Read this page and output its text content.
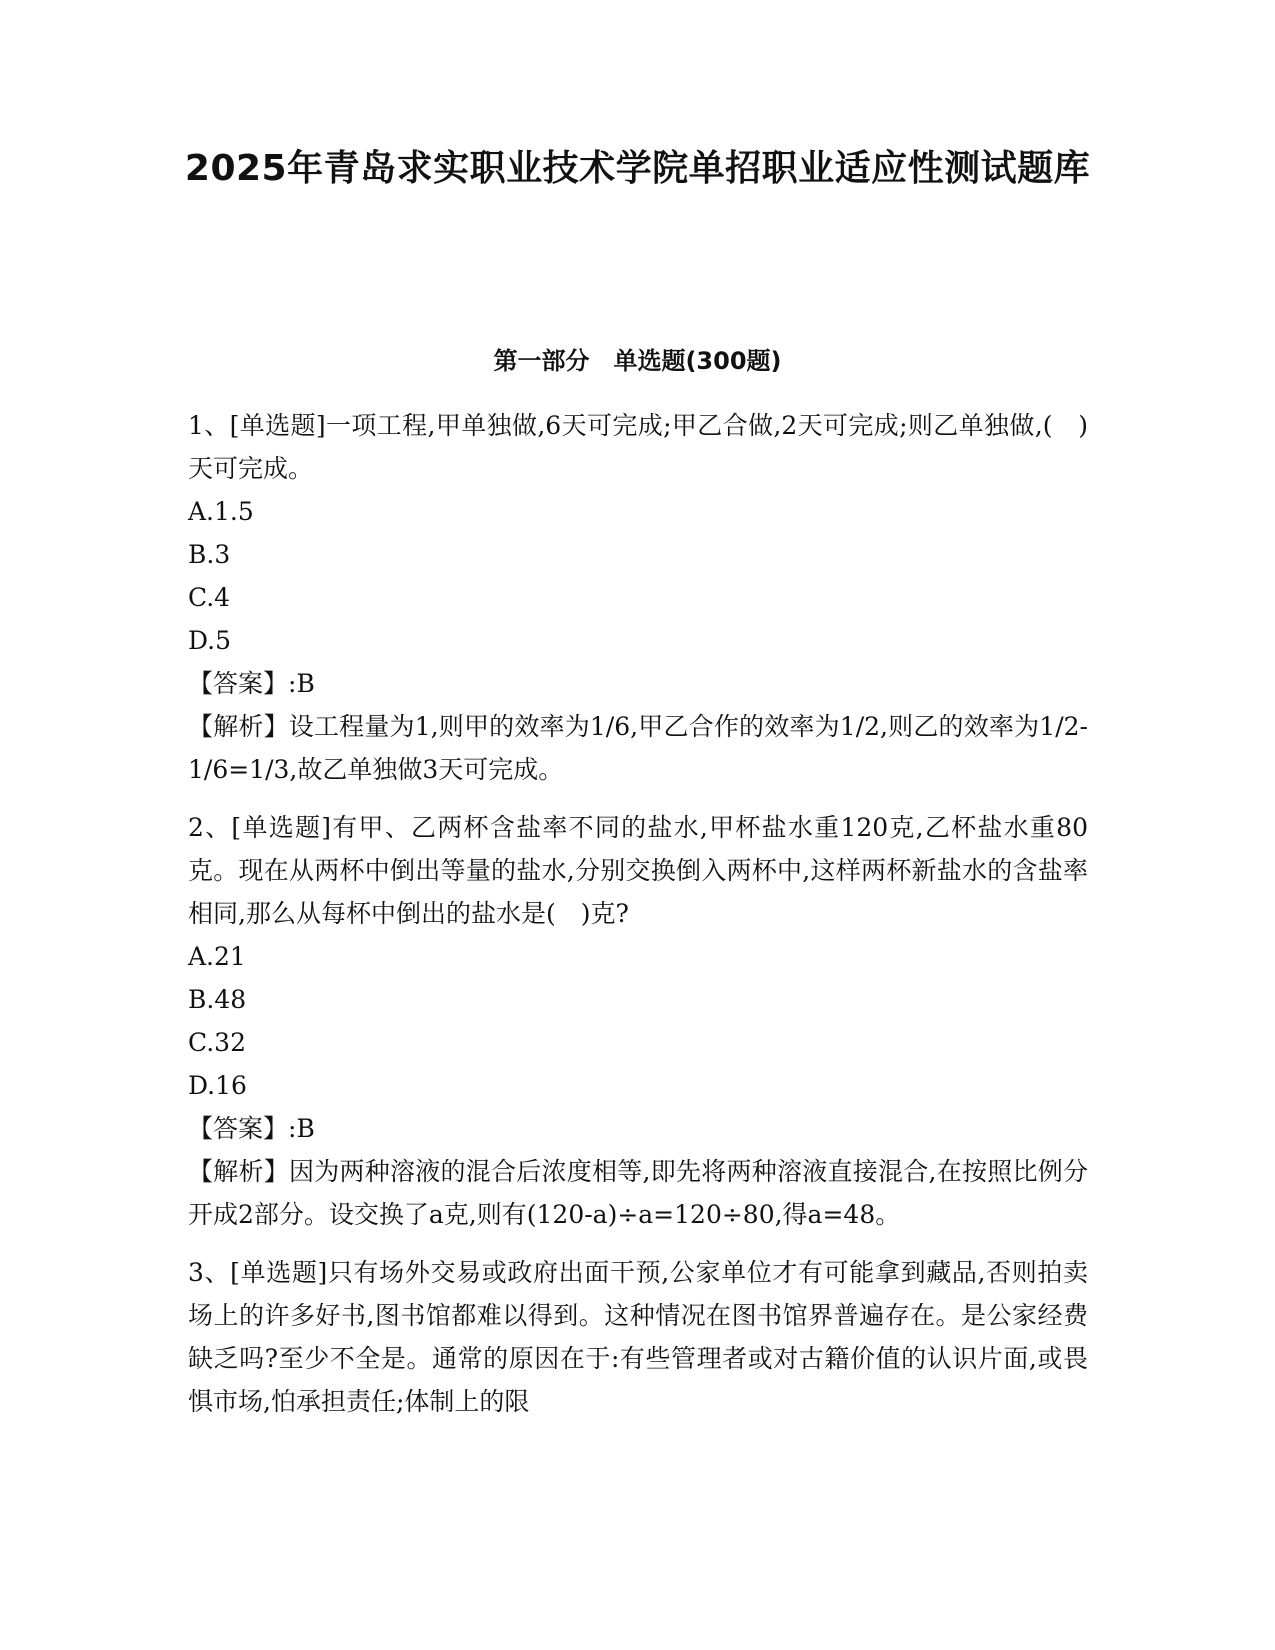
2025年青岛求实职业技术学院单招职业适应性测试题库
第一部分　单选题(300题)

1、[单选题]一项工程,甲单独做,6天可完成;甲乙合做,2天可完成;则乙单独做,(　)天可完成。

A.1.5

B.3

C.4

D.5

【答案】:B

【解析】设工程量为1,则甲的效率为1/6,甲乙合作的效率为1/2,则乙的效率为1/2-1/6=1/3,故乙单独做3天可完成。

2、[单选题]有甲、乙两杯含盐率不同的盐水,甲杯盐水重120克,乙杯盐水重80克。现在从两杯中倒出等量的盐水,分别交换倒入两杯中,这样两杯新盐水的含盐率相同,那么从每杯中倒出的盐水是(　)克?

A.21

B.48

C.32

D.16

【答案】:B

【解析】因为两种溶液的混合后浓度相等,即先将两种溶液直接混合,在按照比例分开成2部分。设交换了a克,则有(120-a)÷a=120÷80,得a=48。

3、[单选题]只有场外交易或政府出面干预,公家单位才有可能拿到藏品,否则拍卖场上的许多好书,图书馆都难以得到。这种情况在图书馆界普遍存在。是公家经费缺乏吗?至少不全是。通常的原因在于:有些管理者或对古籍价值的认识片面,或畏惧市场,怕承担责任;体制上的限
